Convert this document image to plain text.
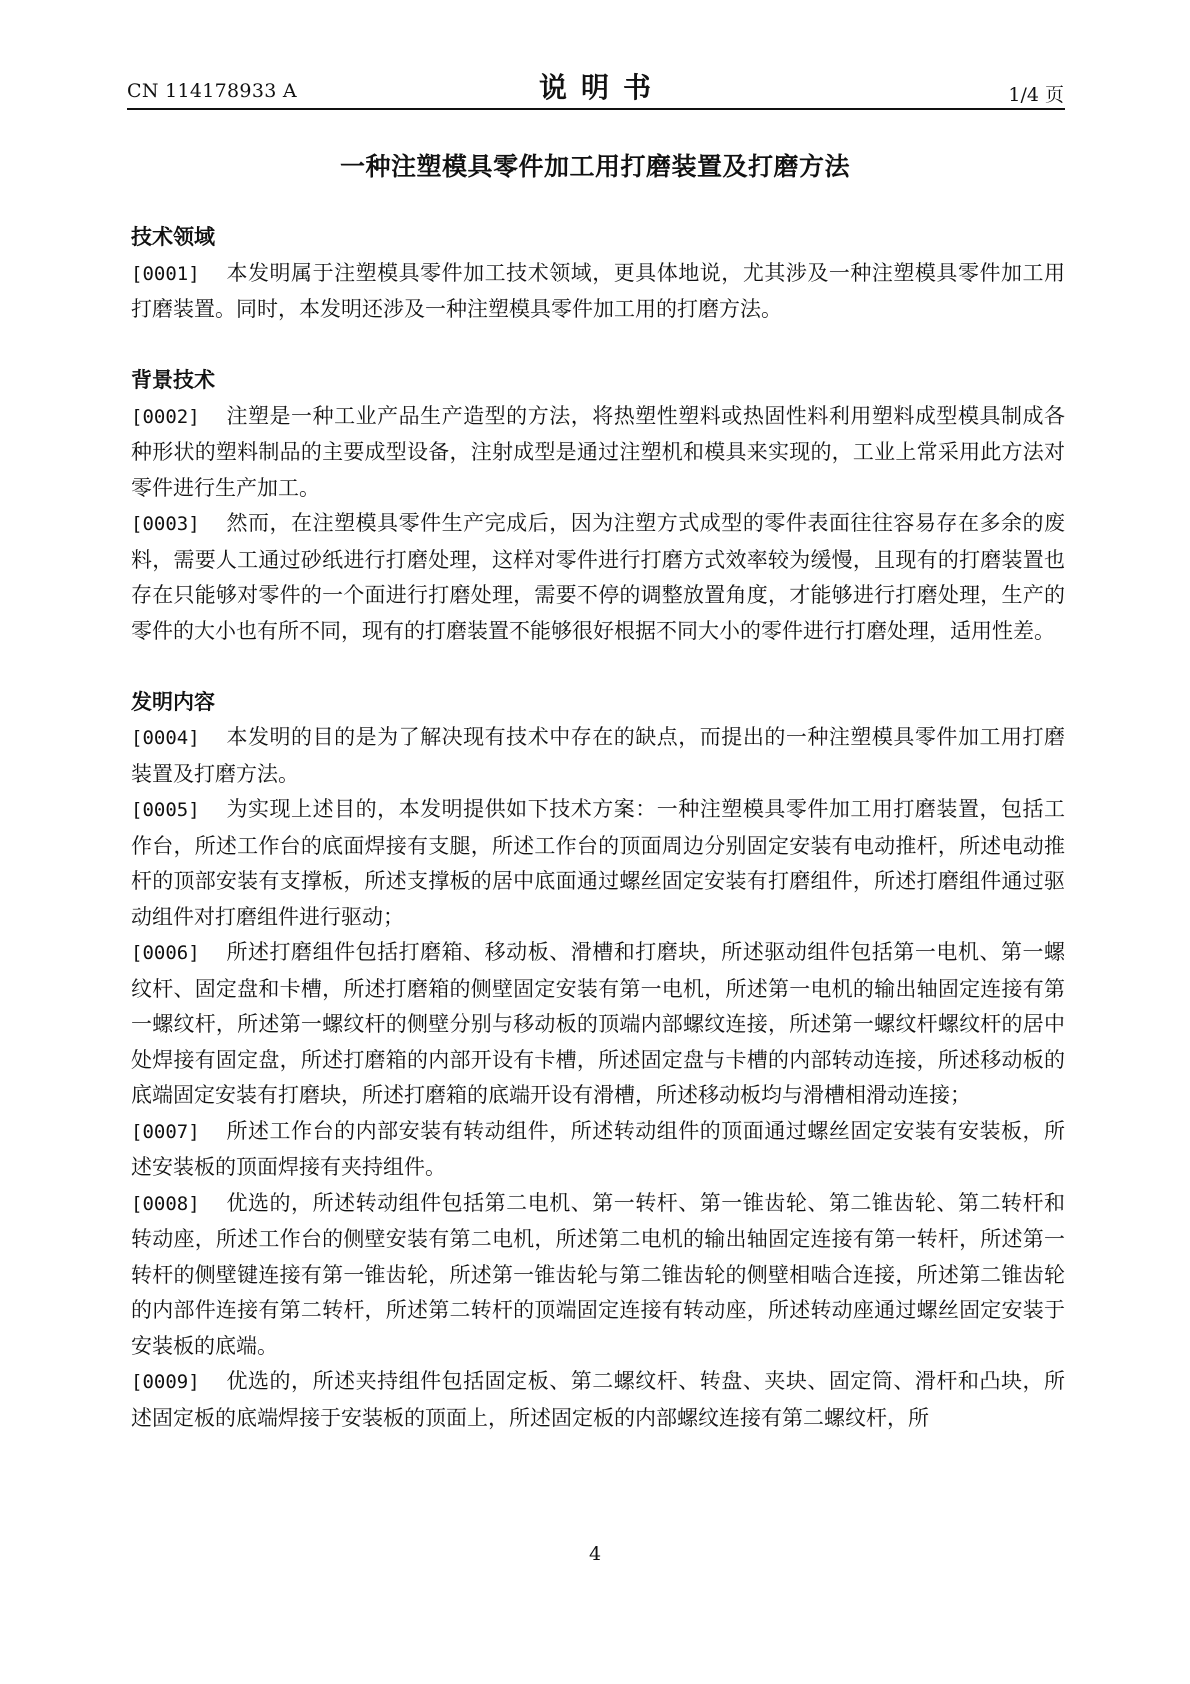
CN 114178933 A	说明书	1/4 页
一种注塑模具零件加工用打磨装置及打磨方法

技术领域

[0001] 本发明属于注塑模具零件加工技术领域，更具体地说，尤其涉及一种注塑模具零件加工用打磨装置。同时，本发明还涉及一种注塑模具零件加工用的打磨方法。

背景技术

[0002] 注塑是一种工业产品生产造型的方法，将热塑性塑料或热固性料利用塑料成型模具制成各种形状的塑料制品的主要成型设备，注射成型是通过注塑机和模具来实现的，工业上常采用此方法对零件进行生产加工。

[0003] 然而，在注塑模具零件生产完成后，因为注塑方式成型的零件表面往往容易存在多余的废料，需要人工通过砂纸进行打磨处理，这样对零件进行打磨方式效率较为缓慢，且现有的打磨装置也存在只能够对零件的一个面进行打磨处理，需要不停的调整放置角度，才能够进行打磨处理，生产的零件的大小也有所不同，现有的打磨装置不能够很好根据不同大小的零件进行打磨处理，适用性差。

发明内容

[0004] 本发明的目的是为了解决现有技术中存在的缺点，而提出的一种注塑模具零件加工用打磨装置及打磨方法。

[0005] 为实现上述目的，本发明提供如下技术方案：一种注塑模具零件加工用打磨装置，包括工作台，所述工作台的底面焊接有支腿，所述工作台的顶面周边分别固定安装有电动推杆，所述电动推杆的顶部安装有支撑板，所述支撑板的居中底面通过螺丝固定安装有打磨组件，所述打磨组件通过驱动组件对打磨组件进行驱动；

[0006] 所述打磨组件包括打磨箱、移动板、滑槽和打磨块，所述驱动组件包括第一电机、第一螺纹杆、固定盘和卡槽，所述打磨箱的侧壁固定安装有第一电机，所述第一电机的输出轴固定连接有第一螺纹杆，所述第一螺纹杆的侧壁分别与移动板的顶端内部螺纹连接，所述第一螺纹杆螺纹杆的居中处焊接有固定盘，所述打磨箱的内部开设有卡槽，所述固定盘与卡槽的内部转动连接，所述移动板的底端固定安装有打磨块，所述打磨箱的底端开设有滑槽，所述移动板均与滑槽相滑动连接；

[0007] 所述工作台的内部安装有转动组件，所述转动组件的顶面通过螺丝固定安装有安装板，所述安装板的顶面焊接有夹持组件。

[0008] 优选的，所述转动组件包括第二电机、第一转杆、第一锥齿轮、第二锥齿轮、第二转杆和转动座，所述工作台的侧壁安装有第二电机，所述第二电机的输出轴固定连接有第一转杆，所述第一转杆的侧壁键连接有第一锥齿轮，所述第一锥齿轮与第二锥齿轮的侧壁相啮合连接，所述第二锥齿轮的内部件连接有第二转杆，所述第二转杆的顶端固定连接有转动座，所述转动座通过螺丝固定安装于安装板的底端。

[0009] 优选的，所述夹持组件包括固定板、第二螺纹杆、转盘、夹块、固定筒、滑杆和凸块，所述固定板的底端焊接于安装板的顶面上，所述固定板的内部螺纹连接有第二螺纹杆，所

4
